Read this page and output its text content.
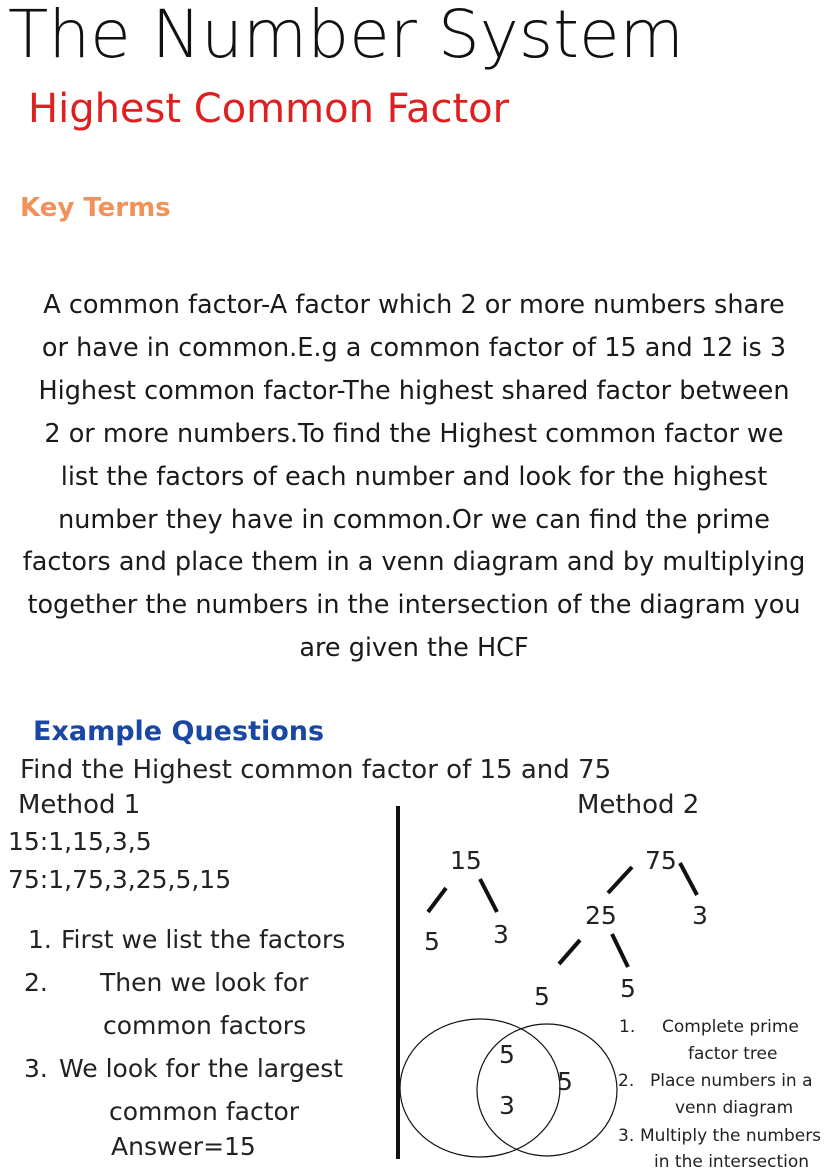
The Number System
Highest Common Factor
Key Terms
A common factor-A factor which 2 or more numbers share
or have in common.E.g a common factor of 15 and 12 is 3
Highest common factor-The highest shared factor between
2 or more numbers.To find the Highest common factor we
list the factors of each number and look for the highest
number they have in common.Or we can find the prime
factors and place them in a venn diagram and by multiplying
together the numbers in the intersection of the diagram you
are given the HCF
Example Questions
Find the Highest common factor of 15 and 75
Method 1	Method 2
15:1,15,3,5
75:1,75,3,25,5,15
1. First we list the factors
2. Then we look for
common factors
3. We look for the largest
common factor
Answer=15
15
5 3
75
25	3
5	5
5
3
5
1. Complete prime
factor tree
2. Place numbers in a
venn diagram
3. Multiply the numbers
in the intersection
